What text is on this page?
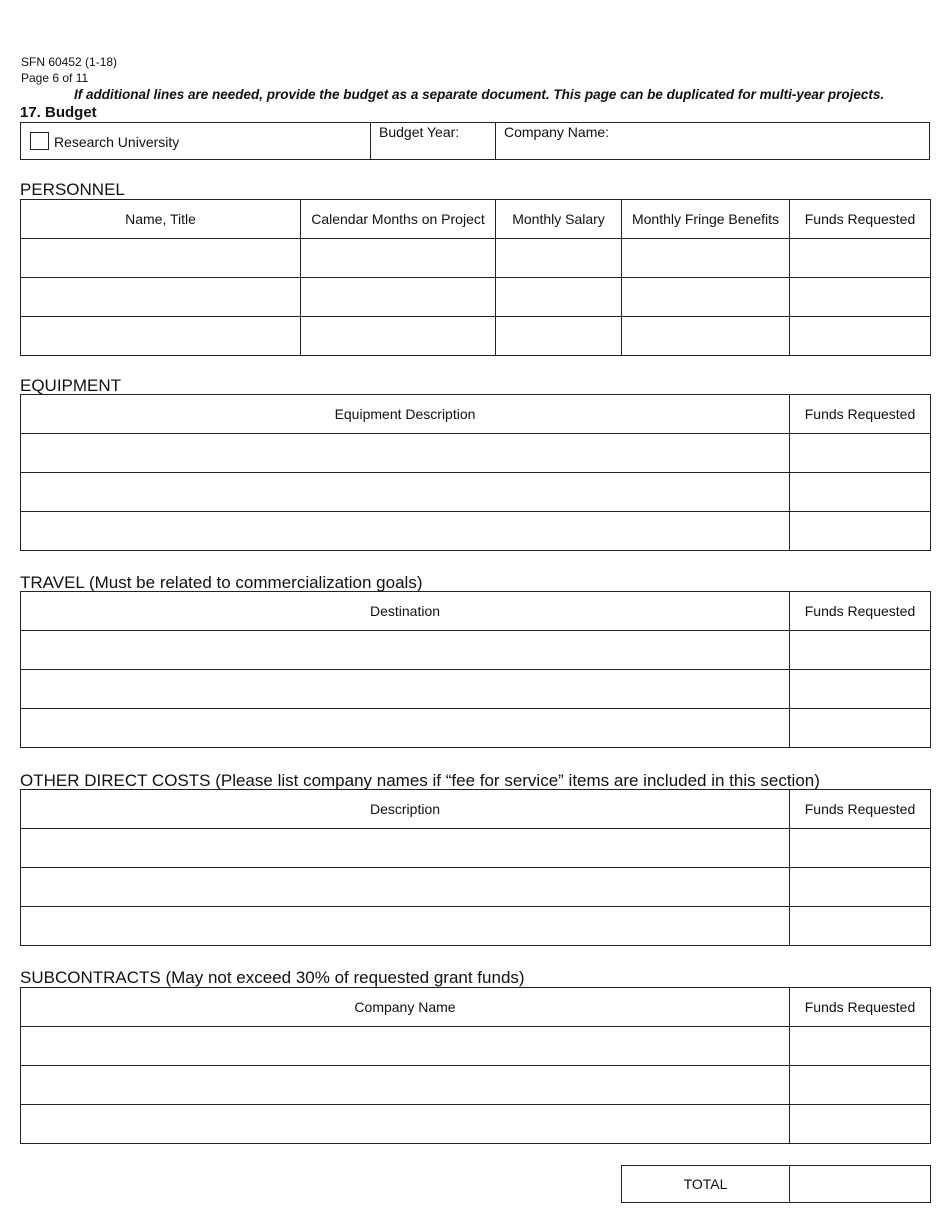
SFN 60452 (1-18)
Page 6 of 11
If additional lines are needed, provide the budget as a separate document. This page can be duplicated for multi-year projects.
17. Budget
Research University
Budget Year:	Company Name:
PERSONNEL
Name, Title	Calendar Months on Project	Monthly Salary	Monthly Fringe Benefits	Funds Requested

EQUIPMENT
Equipment Description	Funds Requested

TRAVEL (Must be related to commercialization goals)
Destination	Funds Requested

OTHER DIRECT COSTS (Please list company names if “fee for service” items are included in this section)
Description	Funds Requested

SUBCONTRACTS (May not exceed 30% of requested grant funds)
Company Name	Funds Requested

TOTAL	
